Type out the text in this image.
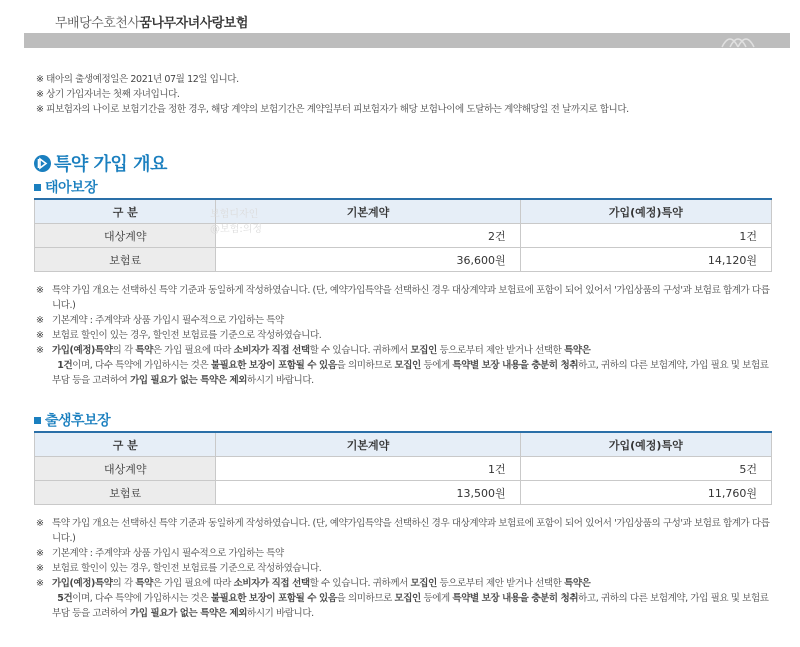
무배당수호천사꿈나무자녀사랑보험
※ 태아의 출생예정일은 2021년 07월 12일 입니다.
※ 상기 가입자녀는 첫째 자녀입니다.
※ 피보험자의 나이로 보험기간을 정한 경우, 해당 계약의 보험기간은 계약일부터 피보험자가 해당 보험나이에 도달하는 계약해당일 전 날까지로 합니다.
특약 가입 개요
태아보장
구 분	기본계약	가입(예정)특약
대상계약	2건	1건
보험료	36,600원	14,120원
보험디자인
@보험:의정
※ 특약 가입 개요는 선택하신 특약 기준과 동일하게 작성하였습니다. (단, 예약가입특약을 선택하신 경우 대상계약과 보험료에 포함이 되어 있어서 '가입상품의 구성'과 보험료 합계가 다릅니다.)
※ 기본계약 : 주계약과 상품 가입시 필수적으로 가입하는 특약
※ 보험료 할인이 있는 경우, 할인전 보험료를 기준으로 작성하였습니다.
※ 가입(예정)특약의 각 특약은 가입 필요에 따라 소비자가 직접 선택할 수 있습니다. 귀하께서 모집인 등으로부터 제안 받거나 선택한 특약은
1건이며, 다수 특약에 가입하시는 것은 불필요한 보장이 포함될 수 있음을 의미하므로 모집인 등에게 특약별 보장 내용을 충분히 청취하고, 귀하의 다른 보험계약, 가입 필요 및 보험료 부담 등을 고려하여 가입 필요가 없는 특약은 제외하시기 바랍니다.
출생후보장
구 분	기본계약	가입(예정)특약
대상계약	1건	5건
보험료	13,500원	11,760원
※ 특약 가입 개요는 선택하신 특약 기준과 동일하게 작성하였습니다. (단, 예약가입특약을 선택하신 경우 대상계약과 보험료에 포함이 되어 있어서 '가입상품의 구성'과 보험료 합계가 다릅니다.)
※ 기본계약 : 주계약과 상품 가입시 필수적으로 가입하는 특약
※ 보험료 할인이 있는 경우, 할인전 보험료를 기준으로 작성하였습니다.
※ 가입(예정)특약의 각 특약은 가입 필요에 따라 소비자가 직접 선택할 수 있습니다. 귀하께서 모집인 등으로부터 제안 받거나 선택한 특약은
5건이며, 다수 특약에 가입하시는 것은 불필요한 보장이 포함될 수 있음을 의미하므로 모집인 등에게 특약별 보장 내용을 충분히 청취하고, 귀하의 다른 보험계약, 가입 필요 및 보험료 부담 등을 고려하여 가입 필요가 없는 특약은 제외하시기 바랍니다.
